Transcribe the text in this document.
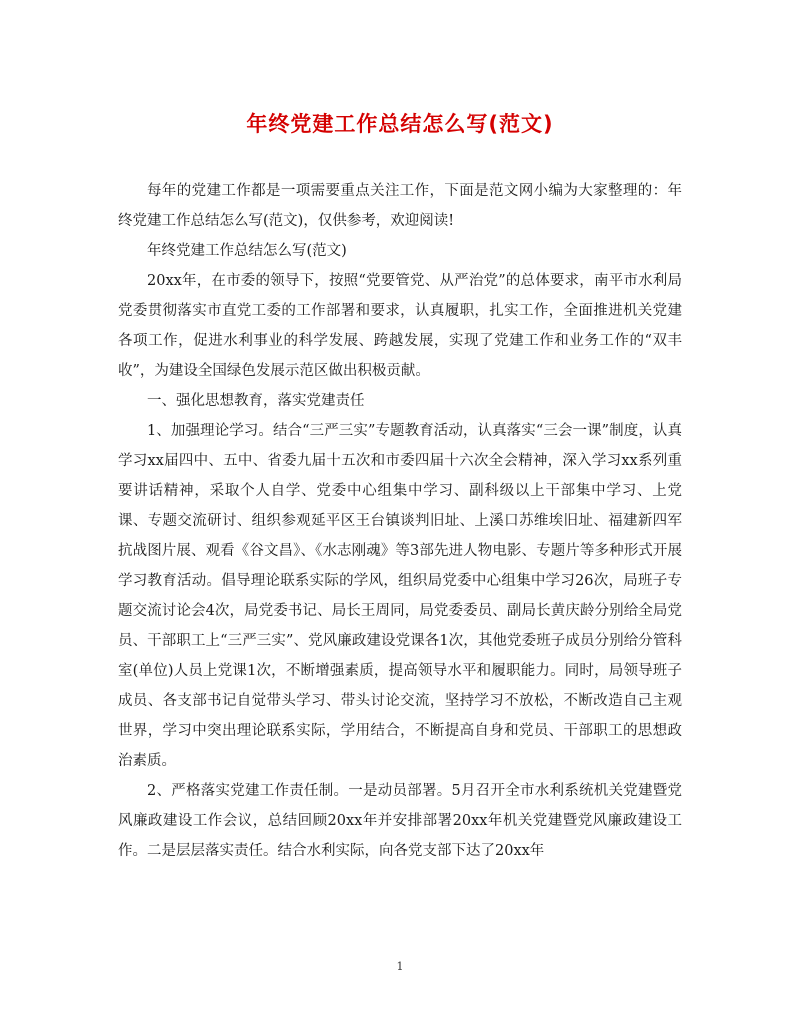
年终党建工作总结怎么写(范文)

每年的党建工作都是一项需要重点关注工作，下面是范文网小编为大家整理的：年终党建工作总结怎么写(范文)，仅供参考，欢迎阅读!

年终党建工作总结怎么写(范文)

20xx年，在市委的领导下，按照“党要管党、从严治党”的总体要求，南平市水利局党委贯彻落实市直党工委的工作部署和要求，认真履职，扎实工作，全面推进机关党建各项工作，促进水利事业的科学发展、跨越发展，实现了党建工作和业务工作的“双丰收”，为建设全国绿色发展示范区做出积极贡献。

一、强化思想教育，落实党建责任

1、加强理论学习。结合“三严三实”专题教育活动，认真落实“三会一课”制度，认真学习xx届四中、五中、省委九届十五次和市委四届十六次全会精神，深入学习xx系列重要讲话精神，采取个人自学、党委中心组集中学习、副科级以上干部集中学习、上党课、专题交流研讨、组织参观延平区王台镇谈判旧址、上溪口苏维埃旧址、福建新四军抗战图片展、观看《谷文昌》、《水志刚魂》等3部先进人物电影、专题片等多种形式开展学习教育活动。倡导理论联系实际的学风，组织局党委中心组集中学习26次，局班子专题交流讨论会4次，局党委书记、局长王周同，局党委委员、副局长黄庆龄分别给全局党员、干部职工上“三严三实”、党风廉政建设党课各1次，其他党委班子成员分别给分管科室(单位)人员上党课1次，不断增强素质，提高领导水平和履职能力。同时，局领导班子成员、各支部书记自觉带头学习、带头讨论交流，坚持学习不放松，不断改造自己主观世界，学习中突出理论联系实际，学用结合，不断提高自身和党员、干部职工的思想政治素质。

2、严格落实党建工作责任制。一是动员部署。5月召开全市水利系统机关党建暨党风廉政建设工作会议，总结回顾20xx年并安排部署20xx年机关党建暨党风廉政建设工作。二是层层落实责任。结合水利实际，向各党支部下达了20xx年

1
